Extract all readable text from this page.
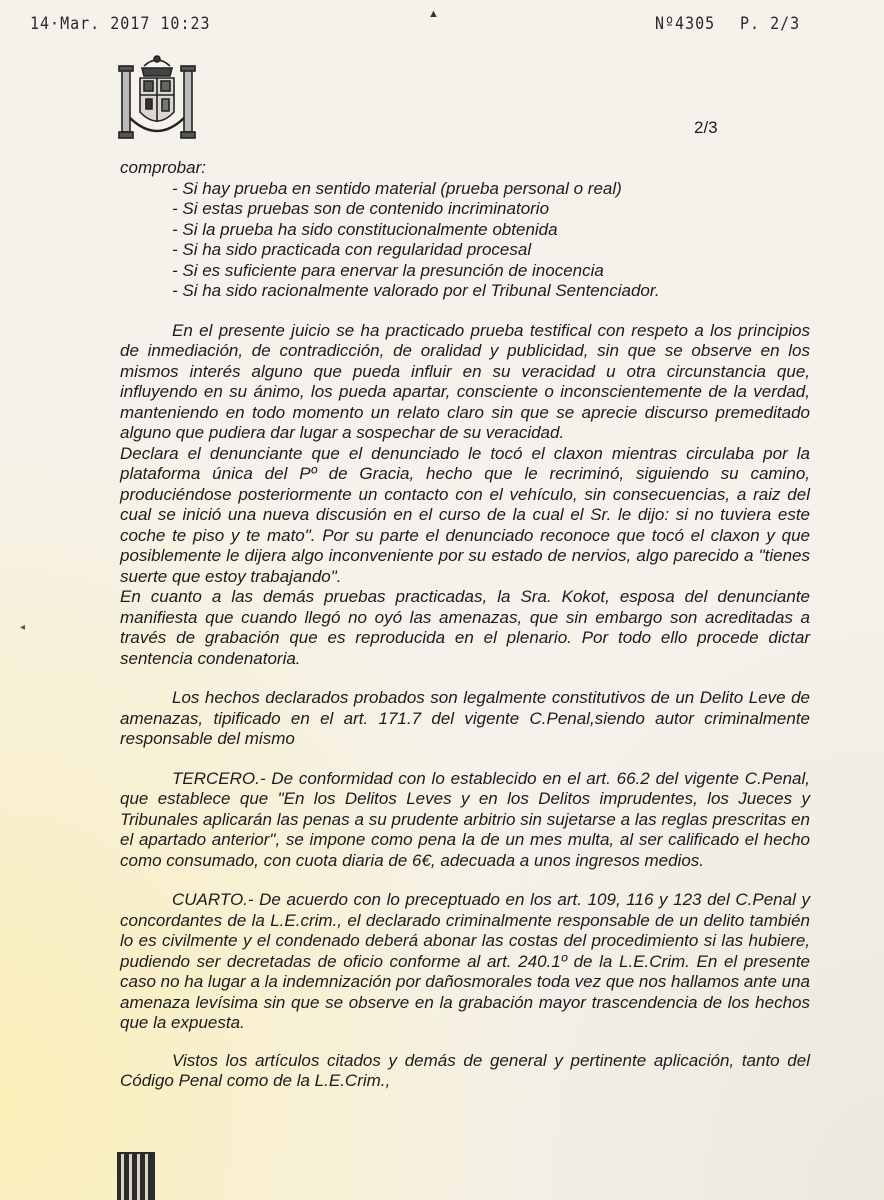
14·Mar. 2017 10:23	▲	Nº4305 P. 2/3
2/3

comprobar:

- Si hay prueba en sentido material (prueba personal o real)
- Si estas pruebas son de contenido incriminatorio
- Si la prueba ha sido constitucionalmente obtenida
- Si ha sido practicada con regularidad procesal
- Si es suficiente para enervar la presunción de inocencia
- Si ha sido racionalmente valorado por el Tribunal Sentenciador.

En el presente juicio se ha practicado prueba testifical con respeto a los principios de inmediación, de contradicción, de oralidad y publicidad, sin que se observe en los mismos interés alguno que pueda influir en su veracidad u otra circunstancia que, influyendo en su ánimo, los pueda apartar, consciente o inconscientemente de la verdad, manteniendo en todo momento un relato claro sin que se aprecie discurso premeditado alguno que pudiera dar lugar a sospechar de su veracidad.

Declara el denunciante que el denunciado le tocó el claxon mientras circulaba por la plataforma única del Pº de Gracia, hecho que le recriminó, siguiendo su camino, produciéndose posteriormente un contacto con el vehículo, sin consecuencias, a raiz del cual se inició una nueva discusión en el curso de la cual el Sr. le dijo: si no tuviera este coche te piso y te mato". Por su parte el denunciado reconoce que tocó el claxon y que posiblemente le dijera algo inconveniente por su estado de nervios, algo parecido a "tienes suerte que estoy trabajando".

En cuanto a las demás pruebas practicadas, la Sra. Kokot, esposa del denunciante manifiesta que cuando llegó no oyó las amenazas, que sin embargo son acreditadas a través de grabación que es reproducida en el plenario. Por todo ello procede dictar sentencia condenatoria.

Los hechos declarados probados son legalmente constitutivos de un Delito Leve de amenazas, tipificado en el art. 171.7 del vigente C.Penal,siendo autor criminalmente responsable del mismo

TERCERO.- De conformidad con lo establecido en el art. 66.2 del vigente C.Penal, que establece que "En los Delitos Leves y en los Delitos imprudentes, los Jueces y Tribunales aplicarán las penas a su prudente arbitrio sin sujetarse a las reglas prescritas en el apartado anterior", se impone como pena la de un mes multa, al ser calificado el hecho como consumado, con cuota diaria de 6€, adecuada a unos ingresos medios.

CUARTO.- De acuerdo con lo preceptuado en los art. 109, 116 y 123 del C.Penal y concordantes de la L.E.crim., el declarado criminalmente responsable de un delito también lo es civilmente y el condenado deberá abonar las costas del procedimiento si las hubiere, pudiendo ser decretadas de oficio conforme al art. 240.1º de la L.E.Crim. En el presente caso no ha lugar a la indemnización por dañosmorales toda vez que nos hallamos ante una amenaza levísima sin que se observe en la grabación mayor trascendencia de los hechos que la expuesta.

Vistos los artículos citados y demás de general y pertinente aplicación, tanto del Código Penal como de la L.E.Crim.,

◂
